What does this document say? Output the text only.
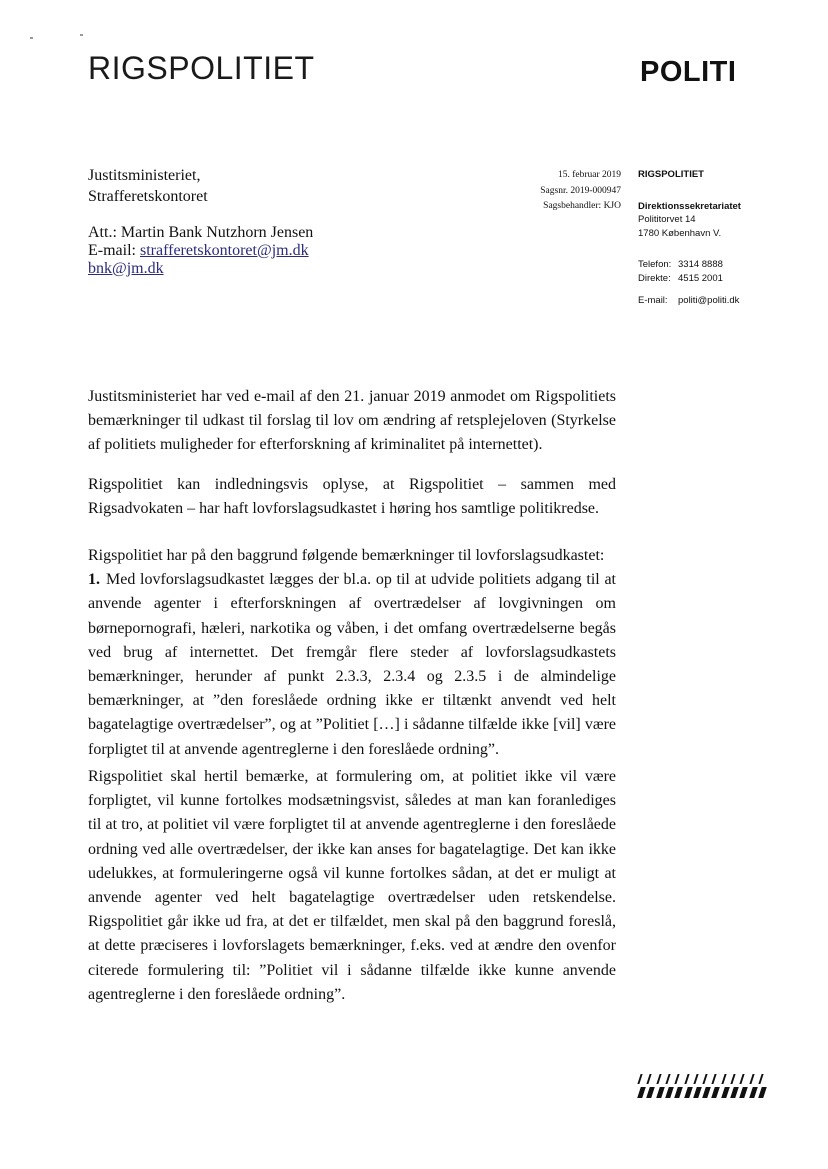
RIGSPOLITIET	POLITI
Justitsministeriet,
Strafferetskontoret
Att.: Martin Bank Nutzhorn Jensen
E-mail: strafferetskontoret@jm.dk
bnk@jm.dk
15. februar 2019
Sagsnr. 2019-000947
Sagsbehandler: KJO
RIGSPOLITIET
Direktionssekretariatet
Polititorvet 14
1780 København V.
Telefon: 3314 8888
Direkte: 4515 2001
E-mail: politi@politi.dk
Justitsministeriet har ved e-mail af den 21. januar 2019 anmodet om Rigspolitiets bemærkninger til udkast til forslag til lov om ændring af retsplejeloven (Styrkelse af politiets muligheder for efterforskning af kriminalitet på internettet).
Rigspolitiet kan indledningsvis oplyse, at Rigspolitiet – sammen med Rigsadvokaten – har haft lovforslagsudkastet i høring hos samtlige politikredse.
Rigspolitiet har på den baggrund følgende bemærkninger til lovforslagsudkastet:
1. Med lovforslagsudkastet lægges der bl.a. op til at udvide politiets adgang til at anvende agenter i efterforskningen af overtrædelser af lovgivningen om børnepornografi, hæleri, narkotika og våben, i det omfang overtrædelserne begås ved brug af internettet. Det fremgår flere steder af lovforslagsudkastets bemærkninger, herunder af punkt 2.3.3, 2.3.4 og 2.3.5 i de almindelige bemærkninger, at ”den foreslåede ordning ikke er tiltænkt anvendt ved helt bagatelagtige overtrædelser”, og at ”Politiet […] i sådanne tilfælde ikke [vil] være forpligtet til at anvende agentreglerne i den foreslåede ordning”.
Rigspolitiet skal hertil bemærke, at formulering om, at politiet ikke vil være forpligtet, vil kunne fortolkes modsætningsvist, således at man kan foranlediges til at tro, at politiet vil være forpligtet til at anvende agentreglerne i den foreslåede ordning ved alle overtrædelser, der ikke kan anses for bagatelagtige. Det kan ikke udelukkes, at formuleringerne også vil kunne fortolkes sådan, at det er muligt at anvende agenter ved helt bagatelagtige overtrædelser uden retskendelse. Rigspolitiet går ikke ud fra, at det er tilfældet, men skal på den baggrund foreslå, at dette præciseres i lovforslagets bemærkninger, f.eks. ved at ændre den ovenfor citerede formulering til: ”Politiet vil i sådanne tilfælde ikke kunne anvende agentreglerne i den foreslåede ordning”.
